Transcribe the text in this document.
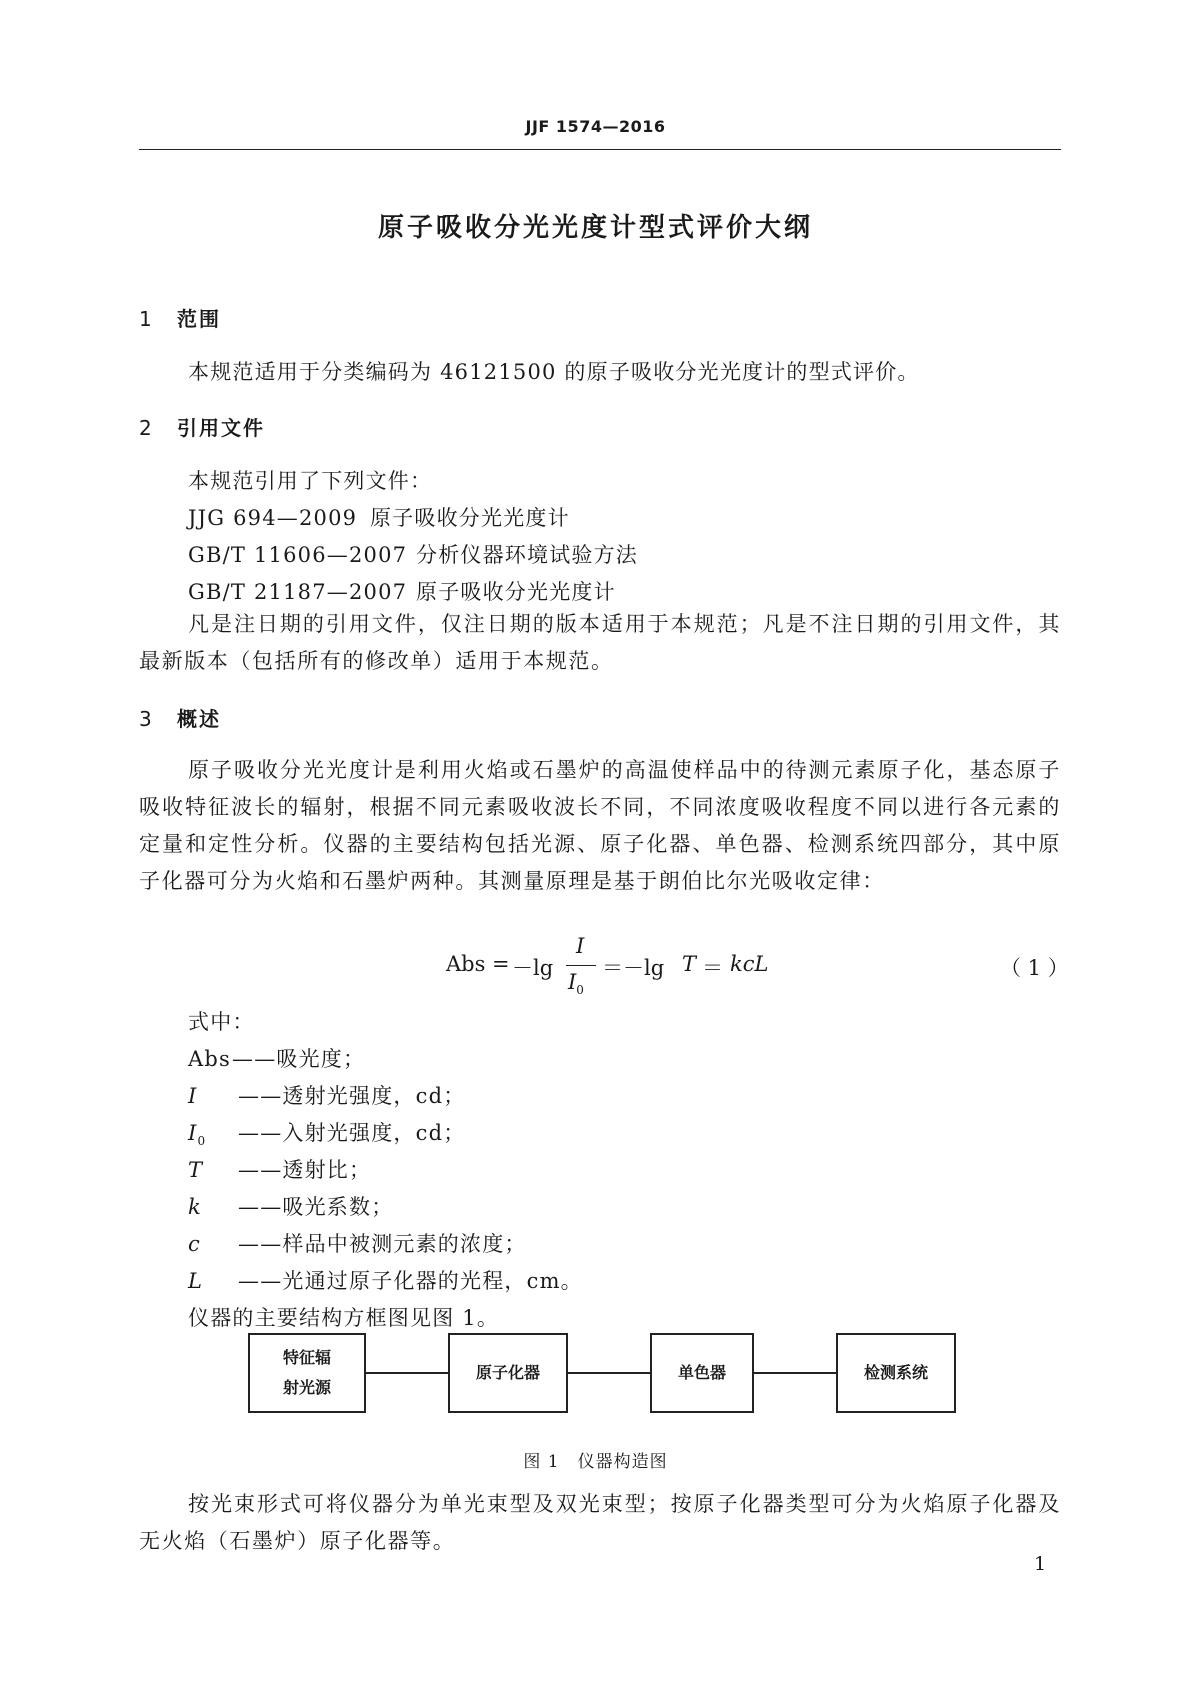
JJF 1574—2016
原子吸收分光光度计型式评价大纲
1 范围
本规范适用于分类编码为 46121500 的原子吸收分光光度计的型式评价。
2 引用文件
本规范引用了下列文件：
JJG 694—2009 原子吸收分光光度计
GB/T 11606—2007 分析仪器环境试验方法
GB/T 21187—2007 原子吸收分光光度计
凡是注日期的引用文件，仅注日期的版本适用于本规范；凡是不注日期的引用文件，其最新版本（包括所有的修改单）适用于本规范。
3 概述
原子吸收分光光度计是利用火焰或石墨炉的高温使样品中的待测元素原子化，基态原子吸收特征波长的辐射，根据不同元素吸收波长不同，不同浓度吸收程度不同以进行各元素的定量和定性分析。仪器的主要结构包括光源、原子化器、单色器、检测系统四部分，其中原子化器可分为火焰和石墨炉两种。其测量原理是基于朗伯比尔光吸收定律：
Abs = －lg
I
$I_0$
＝－lg T ＝ kcL	（ 1 ）
式中：
Abs——吸光度；
I ——透射光强度，cd；
$I_0$ ——入射光强度，cd；
T ——透射比；
k ——吸光系数；
c ——样品中被测元素的浓度；
L ——光通过原子化器的光程，cm。
仪器的主要结构方框图见图 1。
特征辐
射光源
原子化器	单色器	检测系统
图 1　仪器构造图
按光束形式可将仪器分为单光束型及双光束型；按原子化器类型可分为火焰原子化器及无火焰（石墨炉）原子化器等。
1
